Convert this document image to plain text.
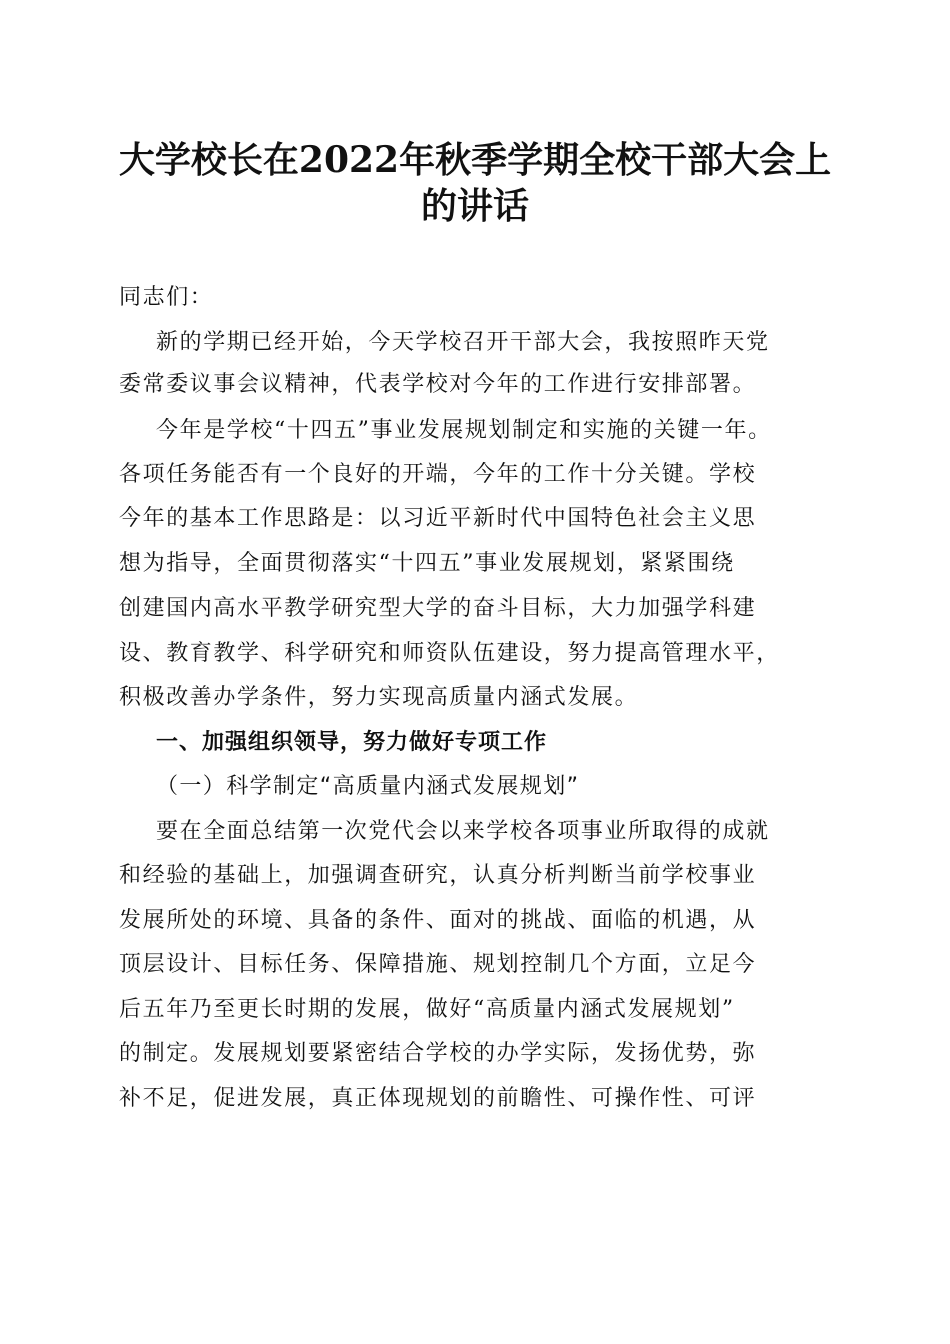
大学校长在2022年秋季学期全校干部大会上
的讲话
同志们：
新的学期已经开始，今天学校召开干部大会，我按照昨天党
委常委议事会议精神，代表学校对今年的工作进行安排部署。
今年是学校“十四五”事业发展规划制定和实施的关键一年。
各项任务能否有一个良好的开端，今年的工作十分关键。学校
今年的基本工作思路是：以习近平新时代中国特色社会主义思
想为指导，全面贯彻落实“十四五”事业发展规划，紧紧围绕
创建国内高水平教学研究型大学的奋斗目标，大力加强学科建
设、教育教学、科学研究和师资队伍建设，努力提高管理水平，
积极改善办学条件，努力实现高质量内涵式发展。
一、加强组织领导，努力做好专项工作
（一）科学制定“高质量内涵式发展规划”
要在全面总结第一次党代会以来学校各项事业所取得的成就
和经验的基础上，加强调查研究，认真分析判断当前学校事业
发展所处的环境、具备的条件、面对的挑战、面临的机遇，从
顶层设计、目标任务、保障措施、规划控制几个方面，立足今
后五年乃至更长时期的发展，做好“高质量内涵式发展规划”
的制定。发展规划要紧密结合学校的办学实际，发扬优势，弥
补不足，促进发展，真正体现规划的前瞻性、可操作性、可评
